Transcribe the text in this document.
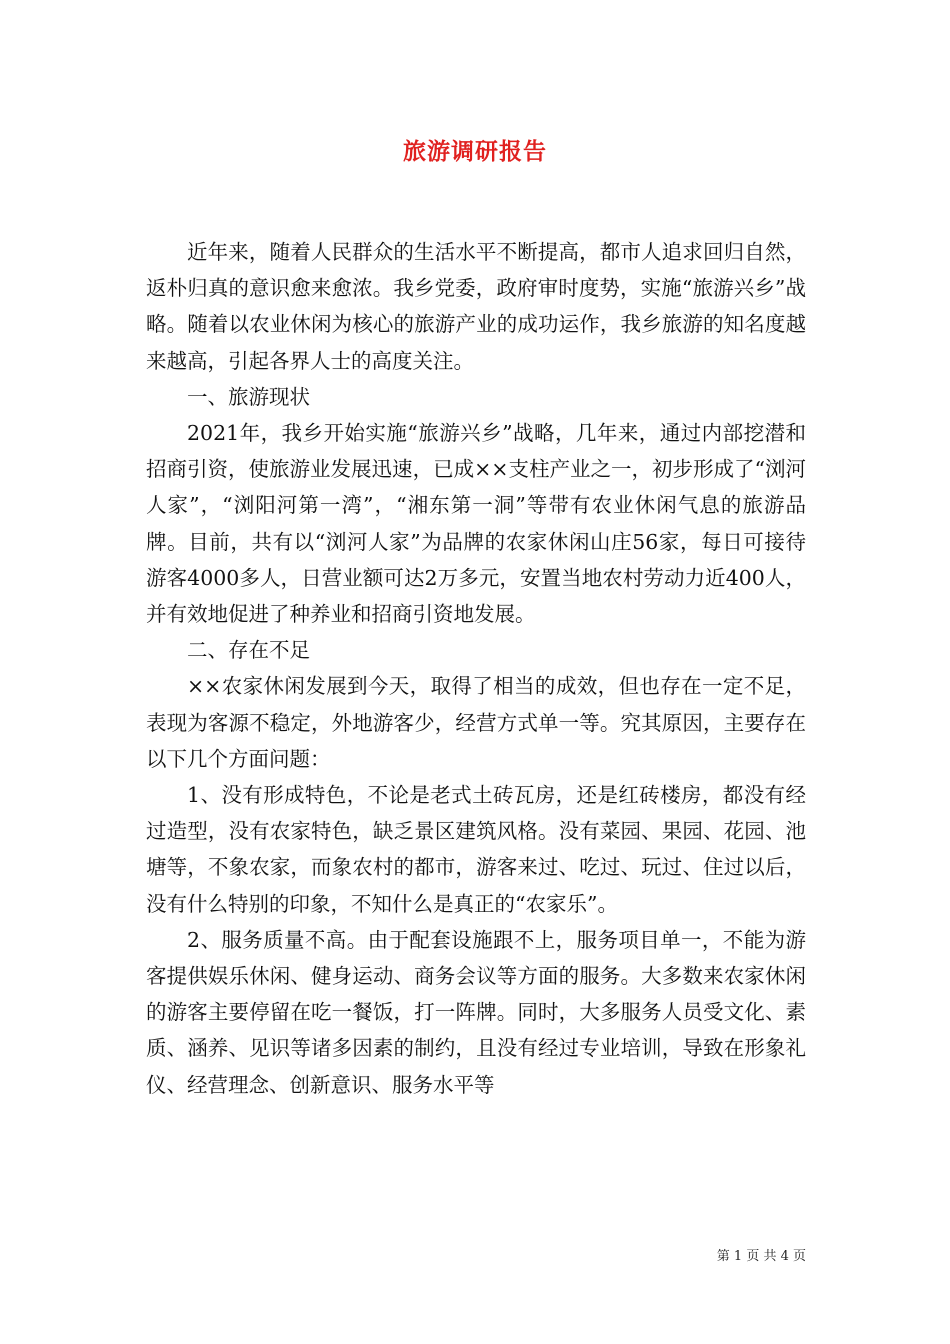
旅游调研报告

近年来，随着人民群众的生活水平不断提高，都市人追求回归自然，返朴归真的意识愈来愈浓。我乡党委，政府审时度势，实施“旅游兴乡”战略。随着以农业休闲为核心的旅游产业的成功运作，我乡旅游的知名度越来越高，引起各界人士的高度关注。

一、旅游现状

2021年，我乡开始实施“旅游兴乡”战略，几年来，通过内部挖潜和招商引资，使旅游业发展迅速，已成××支柱产业之一，初步形成了“浏河人家”，“浏阳河第一湾”，“湘东第一洞”等带有农业休闲气息的旅游品牌。目前，共有以“浏河人家”为品牌的农家休闲山庄56家，每日可接待游客4000多人，日营业额可达2万多元，安置当地农村劳动力近400人，并有效地促进了种养业和招商引资地发展。

二、存在不足

××农家休闲发展到今天，取得了相当的成效，但也存在一定不足，表现为客源不稳定，外地游客少，经营方式单一等。究其原因，主要存在以下几个方面问题：

1、没有形成特色，不论是老式土砖瓦房，还是红砖楼房，都没有经过造型，没有农家特色，缺乏景区建筑风格。没有菜园、果园、花园、池塘等，不象农家，而象农村的都市，游客来过、吃过、玩过、住过以后，没有什么特别的印象，不知什么是真正的“农家乐”。

2、服务质量不高。由于配套设施跟不上，服务项目单一，不能为游客提供娱乐休闲、健身运动、商务会议等方面的服务。大多数来农家休闲的游客主要停留在吃一餐饭，打一阵牌。同时，大多服务人员受文化、素质、涵养、见识等诸多因素的制约，且没有经过专业培训，导致在形象礼仪、经营理念、创新意识、服务水平等

第 1 页 共 4 页
